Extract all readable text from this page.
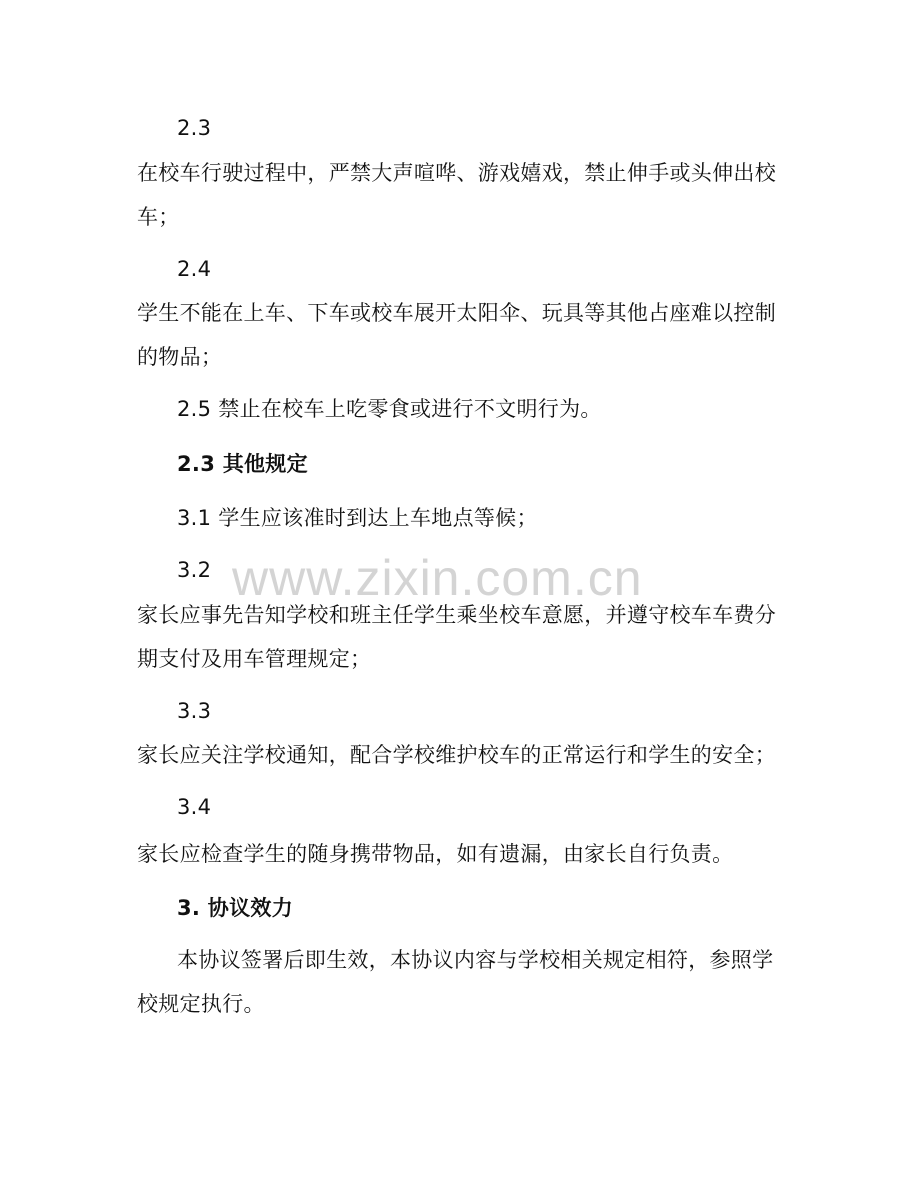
www.zixin.com.cn
2.3
在校车行驶过程中，严禁大声喧哗、游戏嬉戏，禁止伸手或头伸出校
车；
2.4
学生不能在上车、下车或校车展开太阳伞、玩具等其他占座难以控制
的物品；
2.5 禁止在校车上吃零食或进行不文明行为。
2.3 其他规定
3.1 学生应该准时到达上车地点等候；
3.2
家长应事先告知学校和班主任学生乘坐校车意愿，并遵守校车车费分
期支付及用车管理规定；
3.3
家长应关注学校通知，配合学校维护校车的正常运行和学生的安全；
3.4
家长应检查学生的随身携带物品，如有遗漏，由家长自行负责。
3. 协议效力
本协议签署后即生效，本协议内容与学校相关规定相符，参照学
校规定执行。
